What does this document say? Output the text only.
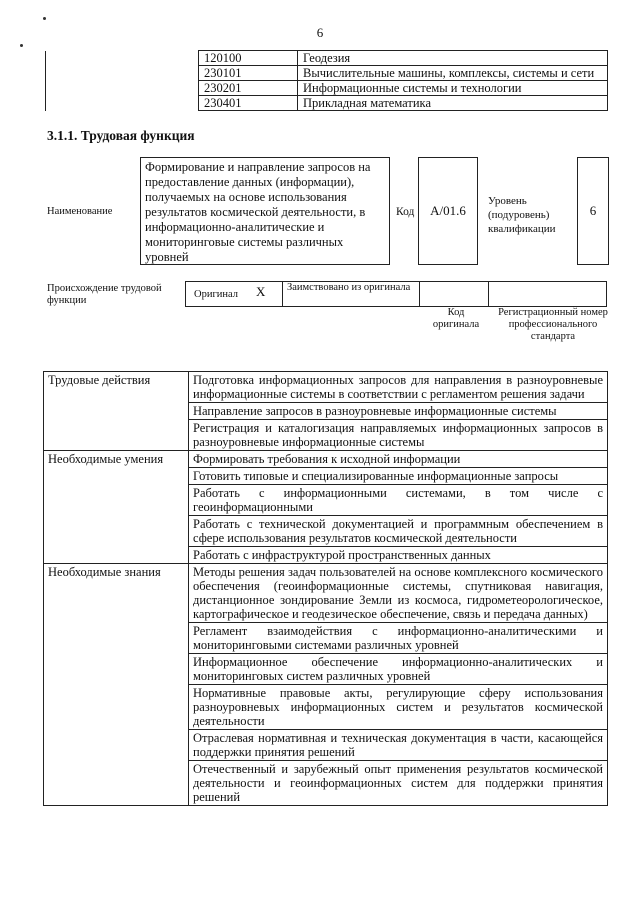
6
	120100	Геодезия
	230101	Вычислительные машины, комплексы, системы и сети
	230201	Информационные системы и технологии
	230401	Прикладная математика
3.1.1. Трудовая функция
Наименование
Формирование и направление запросов на предоставление данных (информации), получаемых на основе использования результатов космической деятельности, в информационно-аналитические и мониторинговые системы различных уровней
Код	А/01.6
Уровень (подуровень) квалификации
6
Происхождение трудовой функции
Оригинал X	Заимствовано из оригинала
Код оригинала
Регистрационный номер профессионального стандарта
Трудовые действия	Подготовка информационных запросов для направления в разноуровневые информационные системы в соответствии с регламентом решения задачи
	Направление запросов в разноуровневые информационные системы
	Регистрация и каталогизация направляемых информационных запросов в разноуровневые информационные системы
Необходимые умения	Формировать требования к исходной информации
	Готовить типовые и специализированные информационные запросы
	Работать с информационными системами, в том числе с геоинформационными
	Работать с технической документацией и программным обеспечением в сфере использования результатов космической деятельности
	Работать с инфраструктурой пространственных данных
Необходимые знания	Методы решения задач пользователей на основе комплексного космического обеспечения (геоинформационные системы, спутниковая навигация, дистанционное зондирование Земли из космоса, гидрометеорологическое, картографическое и геодезическое обеспечение, связь и передача данных)
	Регламент взаимодействия с информационно-аналитическими и мониторинговыми системами различных уровней
	Информационное обеспечение информационно-аналитических и мониторинговых систем различных уровней
	Нормативные правовые акты, регулирующие сферу использования разноуровневых информационных систем и результатов космической деятельности
	Отраслевая нормативная и техническая документация в части, касающейся поддержки принятия решений
	Отечественный и зарубежный опыт применения результатов космической деятельности и геоинформационных систем для поддержки принятия решений
